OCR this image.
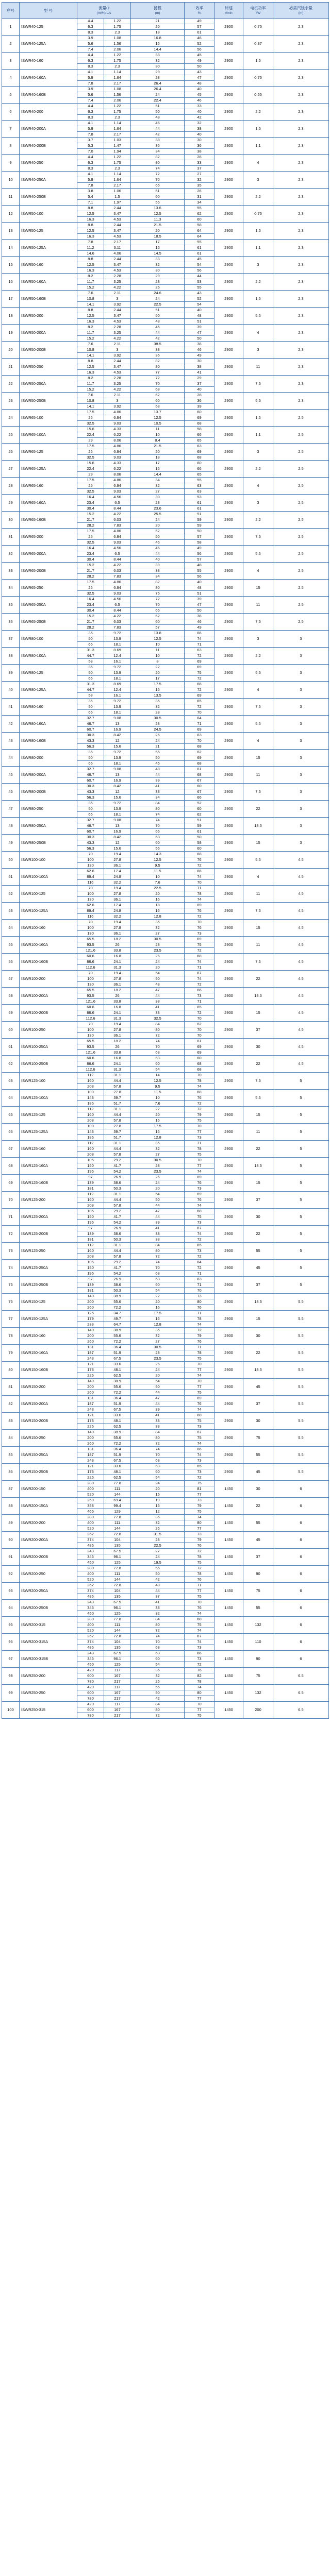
序号	型 号	流量Q
(m³/h) L/s		扬程
(m)	效率
%	转速
r/min	电机功率
kW	必需汽蚀余量
(m)
1	ISWR40-125	4.4	1.22	21	49	2900	0.75	2.3
		6.3	1.75	20	57			
		8.3	2.3	18	61			
2	ISWR40-125A	3.9	1.08	16.8	46	2900	0.37	2.3
		5.6	1.56	16	52			
		7.4	2.06	14.4	56			
3	ISWR40-160	4.4	1.22	33	45	2900	1.5	2.3
		6.3	1.75	32	49			
		8.3	2.3	30	50			
4	ISWR40-160A	4.1	1.14	29	43	2900	0.75	2.3
		5.9	1.64	28	47			
		7.8	2.17	26.4	48			
5	ISWR40-160B	3.9	1.08	26.4	40	2900	0.55	2.3
		5.6	1.56	24	45			
		7.4	2.06	22.4	46			
6	ISWR40-200	4.4	1.22	51	33	2900	2.2	2.3
		6.3	1.75	50	40			
		8.3	2.3	48	42			
7	ISWR40-200A	4.1	1.14	46	32	2900	1.5	2.3
		5.9	1.64	44	38			
		7.8	2.17	42	40			
8	ISWR40-200B	3.7	1.03	38	30	2900	1.1	2.3
		5.3	1.47	36	36			
		7.0	1.94	34	38			
9	ISWR40-250	4.4	1.22	82	28	2900	4	2.3
		6.3	1.75	80	33			
		8.3	2.3	74	37			
10	ISWR40-250A	4.1	1.14	72	27	2900	3	2.3
		5.9	1.64	70	32			
		7.8	2.17	65	35			
11	ISWR40-250B	3.8	1.06	61	26	2900	2.2	2.3
		5.4	1.5	60	31			
		7.1	1.97	56	34			
12	ISWR50-100	8.8	2.44	13.6	55	2900	0.75	2.3
		12.5	3.47	12.5	62			
		16.3	4.53	11.3	60			
13	ISWR50-125	8.8	2.44	21.5	58	2900	1.5	2.3
		12.5	3.47	20	64			
		16.3	4.53	18.5	64			
14	ISWR50-125A	7.8	2.17	17	55	2900	1.1	2.3
		11.2	3.11	16	61			
		14.6	4.06	14.5	61			
15	ISWR50-160	8.8	2.44	33	45	2900	3	2.3
		12.5	3.47	32	54			
		16.3	4.53	30	56			
16	ISWR50-160A	8.2	2.28	29	44	2900	2.2	2.3
		11.7	3.25	28	53			
		15.2	4.22	26	55			
17	ISWR50-160B	7.6	2.11	24.6	43	2900	1.5	2.3
		10.8	3	24	52			
		14.1	3.92	22.5	54			
18	ISWR50-200	8.8	2.44	51	40	2900	5.5	2.3
		12.5	3.47	50	48			
		16.3	4.53	48	51			
19	ISWR50-200A	8.2	2.28	45	39	2900	4	2.3
		11.7	3.25	44	47			
		15.2	4.22	42	50			
20	ISWR50-200B	7.6	2.11	38.5	38	2900	3	2.3
		10.8	3	38	46			
		14.1	3.92	36	49			
21	ISWR50-250	8.8	2.44	82	30	2900	11	2.3
		12.5	3.47	80	38			
		16.3	4.53	77	41			
22	ISWR50-250A	8.2	2.28	72	29	2900	7.5	2.3
		11.7	3.25	70	37			
		15.2	4.22	68	40			
23	ISWR50-250B	7.6	2.11	62	28	2900	5.5	2.3
		10.8	3	60	36			
		14.1	3.92	58	39			
24	ISWR65-100	17.5	4.86	13.7	60	2900	1.5	2.5
		25	6.94	12.5	69			
		32.5	9.03	10.5	68			
25	ISWR65-100A	15.6	4.33	11	58	2900	1.1	2.5
		22.4	6.22	10	66			
		29	8.06	8.4	65			
26	ISWR65-125	17.5	4.86	21.5	63	2900	3	2.5
		25	6.94	20	69			
		32.5	9.03	18	68			
27	ISWR65-125A	15.6	4.33	17	60	2900	2.2	2.5
		22.4	6.22	16	66			
		29	8.06	14.4	65			
28	ISWR65-160	17.5	4.86	34	55	2900	4	2.5
		25	6.94	32	63			
		32.5	9.03	27	63			
29	ISWR65-160A	16.4	4.56	30	53	2900	3	2.5
		23.4	6.5	28	61			
		30.4	8.44	23.6	61			
30	ISWR65-160B	15.2	4.22	25.5	51	2900	2.2	2.5
		21.7	6.03	24	59			
		28.2	7.83	20	59			
31	ISWR65-200	17.5	4.86	52	50	2900	7.5	2.5
		25	6.94	50	57			
		32.5	9.03	46	58			
32	ISWR65-200A	16.4	4.56	46	49	2900	5.5	2.5
		23.4	6.5	44	56			
		30.4	8.44	40	57			
33	ISWR65-200B	15.2	4.22	39	48	2900	4	2.5
		21.7	6.03	38	55			
		28.2	7.83	34	56			
34	ISWR65-250	17.5	4.86	82	40	2900	15	2.5
		25	6.94	80	48			
		32.5	9.03	75	51			
35	ISWR65-250A	16.4	4.56	72	39	2900	11	2.5
		23.4	6.5	70	47			
		30.4	8.44	66	50			
36	ISWR65-250B	15.2	4.22	62	38	2900	7.5	2.5
		21.7	6.03	60	46			
		28.2	7.83	57	49			
37	ISWR80-100	35	9.72	13.8	66	2900	3	3
		50	13.9	12.5	74			
		65	18.1	10	71			
38	ISWR80-100A	31.3	8.69	11	63	2900	2.2	3
		44.7	12.4	10	72			
		58	16.1	8	69			
39	ISWR80-125	35	9.72	22	69	2900	5.5	3
		50	13.9	20	75			
		65	18.1	17	72			
40	ISWR80-125A	31.3	8.69	17.5	66	2900	4	3
		44.7	12.4	16	72			
		58	16.1	13.5	69			
41	ISWR80-160	35	9.72	35	65	2900	7.5	3
		50	13.9	32	72			
		65	18.1	28	70			
42	ISWR80-160A	32.7	9.08	30.5	64	2900	5.5	3
		46.7	13	28	71			
		60.7	16.9	24.5	69			
43	ISWR80-160B	30.3	8.42	26	63	2900	4	3
		43.3	12	24	70			
		56.3	15.6	21	68			
44	ISWR80-200	35	9.72	55	62	2900	15	3
		50	13.9	50	69			
		65	18.1	45	68			
45	ISWR80-200A	32.7	9.08	48	61	2900	11	3
		46.7	13	44	68			
		60.7	16.9	39	67			
46	ISWR80-200B	30.3	8.42	41	60	2900	7.5	3
		43.3	12	38	67			
		56.3	15.6	34	66			
47	ISWR80-250	35	9.72	84	52	2900	22	3
		50	13.9	80	60			
		65	18.1	74	62			
48	ISWR80-250A	32.7	9.08	74	51	2900	18.5	3
		46.7	13	70	59			
		60.7	16.9	65	61			
49	ISWR80-250B	30.3	8.42	63	50	2900	15	3
		43.3	12	60	58			
		56.3	15.6	56	60			
50	ISWR100-100	70	19.4	14.3	68	2900	5.5	4.5
		100	27.8	12.5	76			
		130	36.1	9.5	72			
51	ISWR100-100A	62.6	17.4	11.5	66	2900	4	4.5
		89.4	24.8	10	74			
		116	32.2	7.6	70			
52	ISWR100-125	70	19.4	22.5	71	2900	11	4.5
		100	27.8	20	78			
		130	36.1	16	74			
53	ISWR100-125A	62.6	17.4	18	69	2900	7.5	4.5
		89.4	24.8	16	76			
		116	32.2	12.8	72			
54	ISWR100-160	70	19.4	35	70	2900	15	4.5
		100	27.8	32	76			
		130	36.1	27	73			
55	ISWR100-160A	65.5	18.2	30.5	69	2900	11	4.5
		93.5	26	28	75			
		121.6	33.8	23.5	72			
56	ISWR100-160B	60.6	16.8	26	68	2900	7.5	4.5
		86.6	24.1	24	74			
		112.6	31.3	20	71			
57	ISWR100-200	70	19.4	54	67	2900	22	4.5
		100	27.8	50	74			
		130	36.1	43	72			
58	ISWR100-200A	65.5	18.2	47	66	2900	18.5	4.5
		93.5	26	44	73			
		121.6	33.8	38	71			
59	ISWR100-200B	60.6	16.8	41	65	2900	15	4.5
		86.6	24.1	38	72			
		112.6	31.3	32.5	70			
60	ISWR100-250	70	19.4	84	62	2900	37	4.5
		100	27.8	80	70			
		130	36.1	72	70			
61	ISWR100-250A	65.5	18.2	74	61	2900	30	4.5
		93.5	26	70	69			
		121.6	33.8	63	69			
62	ISWR100-250B	60.6	16.8	63	60	2900	22	4.5
		86.6	24.1	60	68			
		112.6	31.3	54	68			
63	ISWR125-100	112	31.1	14	70	2900	7.5	5
		160	44.4	12.5	78			
		208	57.8	9.5	74			
64	ISWR125-100A	100	27.8	11.5	68	2900	5.5	5
		143	39.7	10	76			
		186	51.7	7.6	72			
65	ISWR125-125	112	31.1	22	72	2900	15	5
		160	44.4	20	79			
		208	57.8	16	75			
66	ISWR125-125A	100	27.8	17.5	70	2900	11	5
		143	39.7	16	77			
		186	51.7	12.8	73			
67	ISWR125-160	112	31.1	35	71	2900	22	5
		160	44.4	32	78			
		208	57.8	27	75			
68	ISWR125-160A	105	29.2	30.5	70	2900	18.5	5
		150	41.7	28	77			
		195	54.2	23.5	74			
69	ISWR125-160B	97	26.9	26	69	2900	15	5
		139	38.6	24	76			
		181	50.3	20	73			
70	ISWR125-200	112	31.1	54	69	2900	37	5
		160	44.4	50	76			
		208	57.8	44	74			
71	ISWR125-200A	105	29.2	47	68	2900	30	5
		150	41.7	44	75			
		195	54.2	39	73			
72	ISWR125-200B	97	26.9	41	67	2900	22	5
		139	38.6	38	74			
		181	50.3	33	72			
73	ISWR125-250	112	31.1	84	65	2900	55	5
		160	44.4	80	73			
		208	57.8	72	72			
74	ISWR125-250A	105	29.2	74	64	2900	45	5
		150	41.7	70	72			
		195	54.2	63	71			
75	ISWR125-250B	97	26.9	63	63	2900	37	5
		139	38.6	60	71			
		181	50.3	54	70			
76	ISWR150-125	140	38.9	22	73	2900	18.5	5.5
		200	55.6	20	80			
		260	72.2	16	76			
77	ISWR150-125A	125	34.7	17.5	71	2900	15	5.5
		179	49.7	16	78			
		233	64.7	12.8	74			
78	ISWR150-160	140	38.9	35	72	2900	30	5.5
		200	55.6	32	79			
		260	72.2	27	76			
79	ISWR150-160A	131	36.4	30.5	71	2900	22	5.5
		187	51.9	28	78			
		243	67.5	23.5	75			
80	ISWR150-160B	121	33.6	26	70	2900	18.5	5.5
		173	48.1	24	77			
		225	62.5	20	74			
81	ISWR150-200	140	38.9	54	70	2900	45	5.5
		200	55.6	50	77			
		260	72.2	44	75			
82	ISWR150-200A	131	36.4	47	69	2900	37	5.5
		187	51.9	44	76			
		243	67.5	39	74			
83	ISWR150-200B	121	33.6	41	68	2900	30	5.5
		173	48.1	38	75			
		225	62.5	33	73			
84	ISWR150-250	140	38.9	84	67	2900	75	5.5
		200	55.6	80	75			
		260	72.2	72	74			
85	ISWR150-250A	131	36.4	74	66	2900	55	5.5
		187	51.9	70	74			
		243	67.5	63	73			
86	ISWR150-250B	121	33.6	63	65	2900	45	5.5
		173	48.1	60	73			
		225	62.5	54	72			
87	ISWR200-150	280	77.8	24	75	1450	30	6
		400	111	20	81			
		520	144	15	77			
88	ISWR200-150A	250	69.4	19	73	1450	22	6
		358	99.4	16	79			
		465	129	12	75			
89	ISWR200-200	280	77.8	36	74	1450	55	6
		400	111	32	80			
		520	144	26	77			
90	ISWR200-200A	262	72.8	31.5	73	1450	45	6
		374	104	28	79			
		486	135	22.5	76			
91	ISWR200-200B	243	67.5	27	72	1450	37	6
		346	96.1	24	78			
		450	125	19.5	75			
92	ISWR200-250	280	77.8	55	72	1450	90	6
		400	111	50	78			
		520	144	42	76			
93	ISWR200-250A	262	72.8	48	71	1450	75	6
		374	104	44	77			
		486	135	37	75			
94	ISWR200-250B	243	67.5	41	70	1450	55	6
		346	96.1	38	76			
		450	125	32	74			
95	ISWR200-315	280	77.8	84	68	1450	132	6
		400	111	80	75			
		520	144	72	74			
96	ISWR200-315A	262	72.8	74	67	1450	110	6
		374	104	70	74			
		486	135	63	73			
97	ISWR200-315B	243	67.5	63	66	1450	90	6
		346	96.1	60	73			
		450	125	54	72			
98	ISWR250-200	420	117	36	76	1450	75	6.5
		600	167	32	82			
		780	217	26	78			
99	ISWR250-250	420	117	55	74	1450	132	6.5
		600	167	50	80			
		780	217	42	77			
100	ISWR250-315	420	117	84	70	1450	200	6.5
		600	167	80	77			
		780	217	72	75			
